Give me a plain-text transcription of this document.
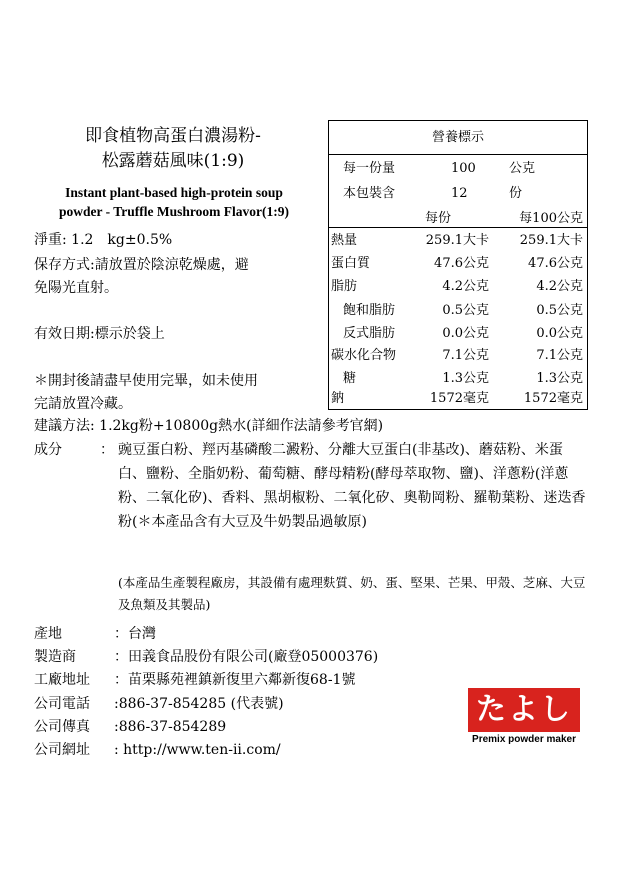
即食植物高蛋白濃湯粉-
松露蘑菇風味(1:9)
Instant plant-based high-protein soup
powder - Truffle Mushroom Flavor(1:9)
淨重: 1.2　kg±0.5%
保存方式:請放置於陰涼乾燥處，避
免陽光直射。
有效日期:標示於袋上
＊開封後請盡早使用完畢，如未使用
完請放置冷藏。
營養標示
每一份量	100	公克
本包裝含	12	份
每份	每100公克
熱量	259.1大卡 259.1大卡
蛋白質	47.6公克	47.6公克
脂肪	4.2公克	4.2公克
飽和脂肪	0.5公克	0.5公克
反式脂肪	0.0公克	0.0公克
碳水化合物	7.1公克	7.1公克
糖	1.3公克	1.3公克
鈉	1572毫克	1572毫克
建議方法: 1.2kg粉+10800g熱水(詳細作法請參考官網)
成分	： 豌豆蛋白粉、羥丙基磷酸二澱粉、分離大豆蛋白(非基改)、蘑菇粉、米蛋白、鹽粉、全脂奶粉、葡萄糖、酵母精粉(酵母萃取物、鹽)、洋蔥粉(洋蔥粉、二氧化矽)、香料、黑胡椒粉、二氧化矽、奧勒岡粉、羅勒葉粉、迷迭香粉(＊本產品含有大豆及牛奶製品過敏原)
(本產品生產製程廠房，其設備有處理麩質、奶、蛋、堅果、芒果、甲殼、芝麻、大豆及魚類及其製品)
產地	：台灣
製造商	：田義食品股份有限公司(廠登05000376)
工廠地址 ：苗栗縣苑裡鎮新復里六鄰新復68-1號
公司電話 :886-37-854285 (代表號)
公司傳真 :886-37-854289
公司網址 : http://www.ten-ii.com/
たよし
Premix powder maker
